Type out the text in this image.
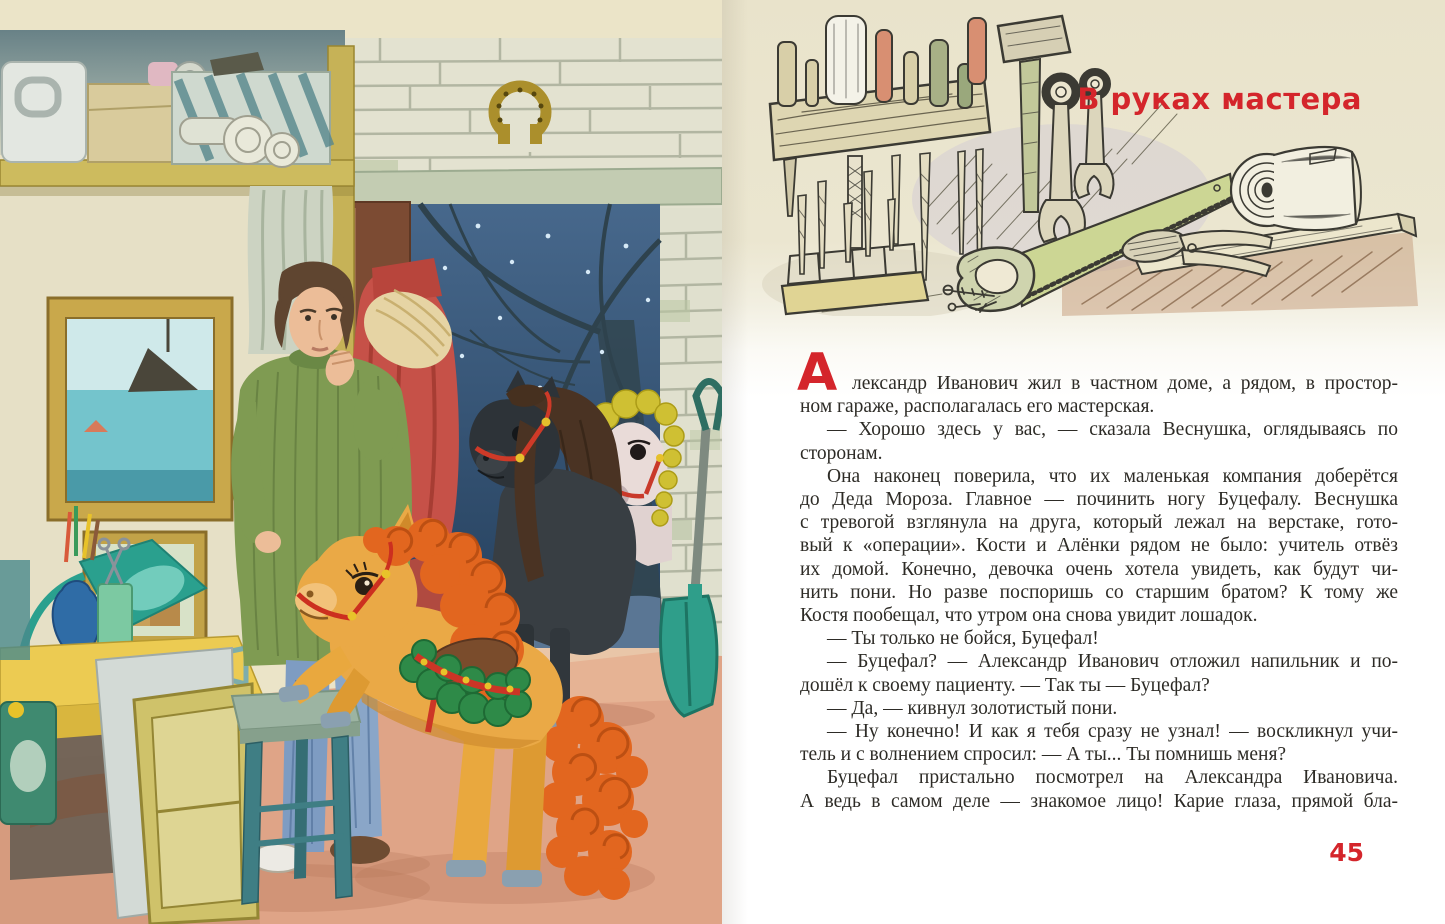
В руках мастера
А лександр Иванович жил в частном доме, а рядом, в простор-
ном гараже, располагалась его мастерская.
— Хорошо здесь у вас, — сказала Веснушка, оглядываясь по
сторонам.
Она наконец поверила, что их маленькая компания доберётся
до Деда Мороза. Главное — починить ногу Буцефалу. Веснушка
с тревогой взглянула на друга, который лежал на верстаке, гото-
вый к «операции». Кости и Алёнки рядом не было: учитель отвёз
их домой. Конечно, девочка очень хотела увидеть, как будут чи-
нить пони. Но разве поспоришь со старшим братом? К тому же
Костя пообещал, что утром она снова увидит лошадок.
— Ты только не бойся, Буцефал!
— Буцефал? — Александр Иванович отложил напильник и по-
дошёл к своему пациенту. — Так ты — Буцефал?
— Да, — кивнул золотистый пони.
— Ну конечно! И как я тебя сразу не узнал! — воскликнул учи-
тель и с волнением спросил: — А ты... Ты помнишь меня?
Буцефал пристально посмотрел на Александра Ивановича.
А ведь в самом деле — знакомое лицо! Карие глаза, прямой бла-
45
